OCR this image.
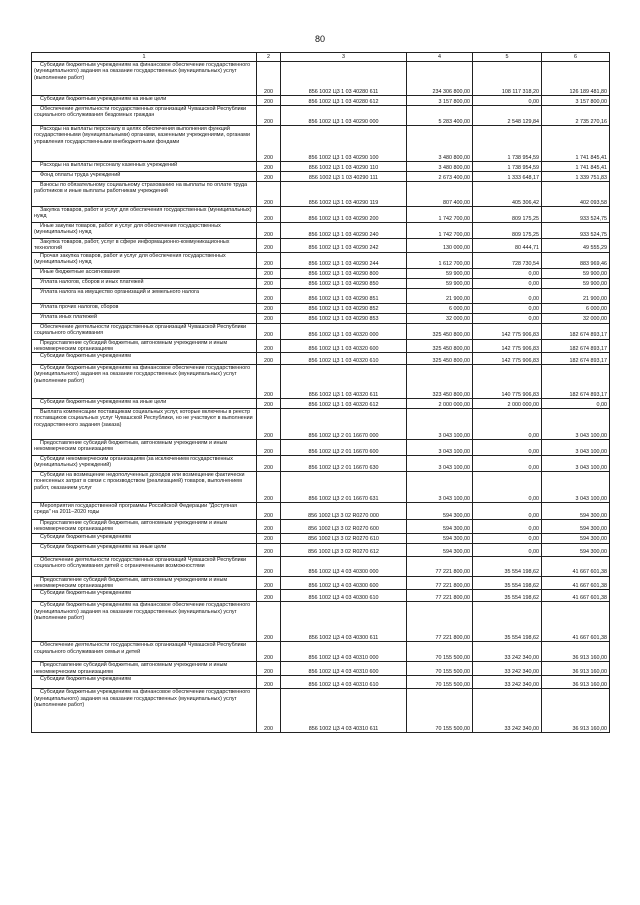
80
1	2	3	4	5	6

Субсидии бюджетным учреждениям на финансовое обеспечение государственного (муниципального) задания на оказание государственных (муниципальных) услуг (выполнение работ)	200	856 1002 Ц3 1 03 40280 611	234 306 800,00	108 117 318,20	126 189 481,80

Субсидии бюджетным учреждениям на иные цели	200	856 1002 Ц3 1 03 40280 612	3 157 800,00	0,00	3 157 800,00

Обеспечение деятельности государственных организаций Чувашской Республики социального обслуживания бездомных граждан	200	856 1002 Ц3 1 03 40290 000	5 283 400,00	2 548 129,84	2 735 270,16

Расходы на выплаты персоналу в целях обеспечения выполнения функций государственными (муниципальными) органами, казенными учреждениями, органами управления государственными внебюджетными фондами	200	856 1002 Ц3 1 03 40290 100	3 480 800,00	1 738 954,59	1 741 845,41

Расходы на выплаты персоналу казенных учреждений	200	856 1002 Ц3 1 03 40290 110	3 480 800,00	1 738 954,59	1 741 845,41

Фонд оплаты труда учреждений	200	856 1002 Ц3 1 03 40290 111	2 673 400,00	1 333 648,17	1 339 751,83

Взносы по обязательному социальному страхованию на выплаты по оплате труда работников и иные выплаты работникам учреждений	200	856 1002 Ц3 1 03 40290 119	807 400,00	405 306,42	402 093,58

Закупка товаров, работ и услуг для обеспечения государственных (муниципальных) нужд	200	856 1002 Ц3 1 03 40290 200	1 742 700,00	809 175,25	933 524,75

Иные закупки товаров, работ и услуг для обеспечения государственных (муниципальных) нужд	200	856 1002 Ц3 1 03 40290 240	1 742 700,00	809 175,25	933 524,75

Закупка товаров, работ, услуг в сфере информационно-коммуникационных технологий	200	856 1002 Ц3 1 03 40290 242	130 000,00	80 444,71	49 555,29

Прочая закупка товаров, работ и услуг для обеспечения государственных (муниципальных) нужд	200	856 1002 Ц3 1 03 40290 244	1 612 700,00	728 730,54	883 969,46

Иные бюджетные ассигнования	200	856 1002 Ц3 1 03 40290 800	59 900,00	0,00	59 900,00

Уплата налогов, сборов и иных платежей	200	856 1002 Ц3 1 03 40290 850	59 900,00	0,00	59 900,00

Уплата налога на имущество организаций и земельного налога	200	856 1002 Ц3 1 03 40290 851	21 900,00	0,00	21 900,00

Уплата прочих налогов, сборов	200	856 1002 Ц3 1 03 40290 852	6 000,00	0,00	6 000,00

Уплата иных платежей	200	856 1002 Ц3 1 03 40290 853	32 000,00	0,00	32 000,00

Обеспечение деятельности государственных организаций Чувашской Республики социального обслуживания	200	856 1002 Ц3 1 03 40320 000	325 450 800,00	142 775 906,83	182 674 893,17

Предоставление субсидий бюджетным, автономным учреждениям и иным некоммерческим организациям	200	856 1002 Ц3 1 03 40320 600	325 450 800,00	142 775 906,83	182 674 893,17

Субсидии бюджетным учреждениям	200	856 1002 Ц3 1 03 40320 610	325 450 800,00	142 775 906,83	182 674 893,17

Субсидии бюджетным учреждениям на финансовое обеспечение государственного (муниципального) задания на оказание государственных (муниципальных) услуг (выполнение работ)	200	856 1002 Ц3 1 03 40320 611	323 450 800,00	140 775 906,83	182 674 893,17

Субсидии бюджетным учреждениям на иные цели	200	856 1002 Ц3 1 03 40320 612	2 000 000,00	2 000 000,00	0,00

Выплата компенсации поставщикам социальных услуг, которые включены в реестр поставщиков социальных услуг Чувашской Республики, но не участвуют в выполнении государственного задания (заказа)	200	856 1002 Ц3 2 01 16670 000	3 043 100,00	0,00	3 043 100,00

Предоставление субсидий бюджетным, автономным учреждениям и иным некоммерческим организациям	200	856 1002 Ц3 2 01 16670 600	3 043 100,00	0,00	3 043 100,00

Субсидии некоммерческим организациям (за исключением государственных (муниципальных) учреждений)	200	856 1002 Ц3 2 01 16670 630	3 043 100,00	0,00	3 043 100,00

Субсидии на возмещение недополученных доходов или возмещение фактически понесенных затрат в связи с производством (реализацией) товаров, выполнением работ, оказанием услуг	200	856 1002 Ц3 2 01 16670 631	3 043 100,00	0,00	3 043 100,00

Мероприятия государственной программы Российской Федерации "Доступная среда" на 2011–2020 годы	200	856 1002 Ц3 3 02 R0270 000	594 300,00	0,00	594 300,00

Предоставление субсидий бюджетным, автономным учреждениям и иным некоммерческим организациям	200	856 1002 Ц3 3 02 R0270 600	594 300,00	0,00	594 300,00

Субсидии бюджетным учреждениям	200	856 1002 Ц3 3 02 R0270 610	594 300,00	0,00	594 300,00

Субсидии бюджетным учреждениям на иные цели	200	856 1002 Ц3 3 02 R0270 612	594 300,00	0,00	594 300,00

Обеспечение деятельности государственных организаций Чувашской Республики социального обслуживания детей с ограниченными возможностями	200	856 1002 Ц3 4 03 40300 000	77 221 800,00	35 554 198,62	41 667 601,38

Предоставление субсидий бюджетным, автономным учреждениям и иным некоммерческим организациям	200	856 1002 Ц3 4 03 40300 600	77 221 800,00	35 554 198,62	41 667 601,38

Субсидии бюджетным учреждениям	200	856 1002 Ц3 4 03 40300 610	77 221 800,00	35 554 198,62	41 667 601,38

Субсидии бюджетным учреждениям на финансовое обеспечение государственного (муниципального) задания на оказание государственных (муниципальных) услуг (выполнение работ)	200	856 1002 Ц3 4 03 40300 611	77 221 800,00	35 554 198,62	41 667 601,38

Обеспечение деятельности государственных организаций Чувашской Республики социального обслуживания семьи и детей	200	856 1002 Ц3 4 03 40310 000	70 155 500,00	33 242 340,00	36 913 160,00

Предоставление субсидий бюджетным, автономным учреждениям и иным некоммерческим организациям	200	856 1002 Ц3 4 03 40310 600	70 155 500,00	33 242 340,00	36 913 160,00

Субсидии бюджетным учреждениям	200	856 1002 Ц3 4 03 40310 610	70 155 500,00	33 242 340,00	36 913 160,00

Субсидии бюджетным учреждениям на финансовое обеспечение государственного (муниципального) задания на оказание государственных (муниципальных) услуг (выполнение работ)	200	856 1002 Ц3 4 03 40310 611	70 155 500,00	33 242 340,00	36 913 160,00
